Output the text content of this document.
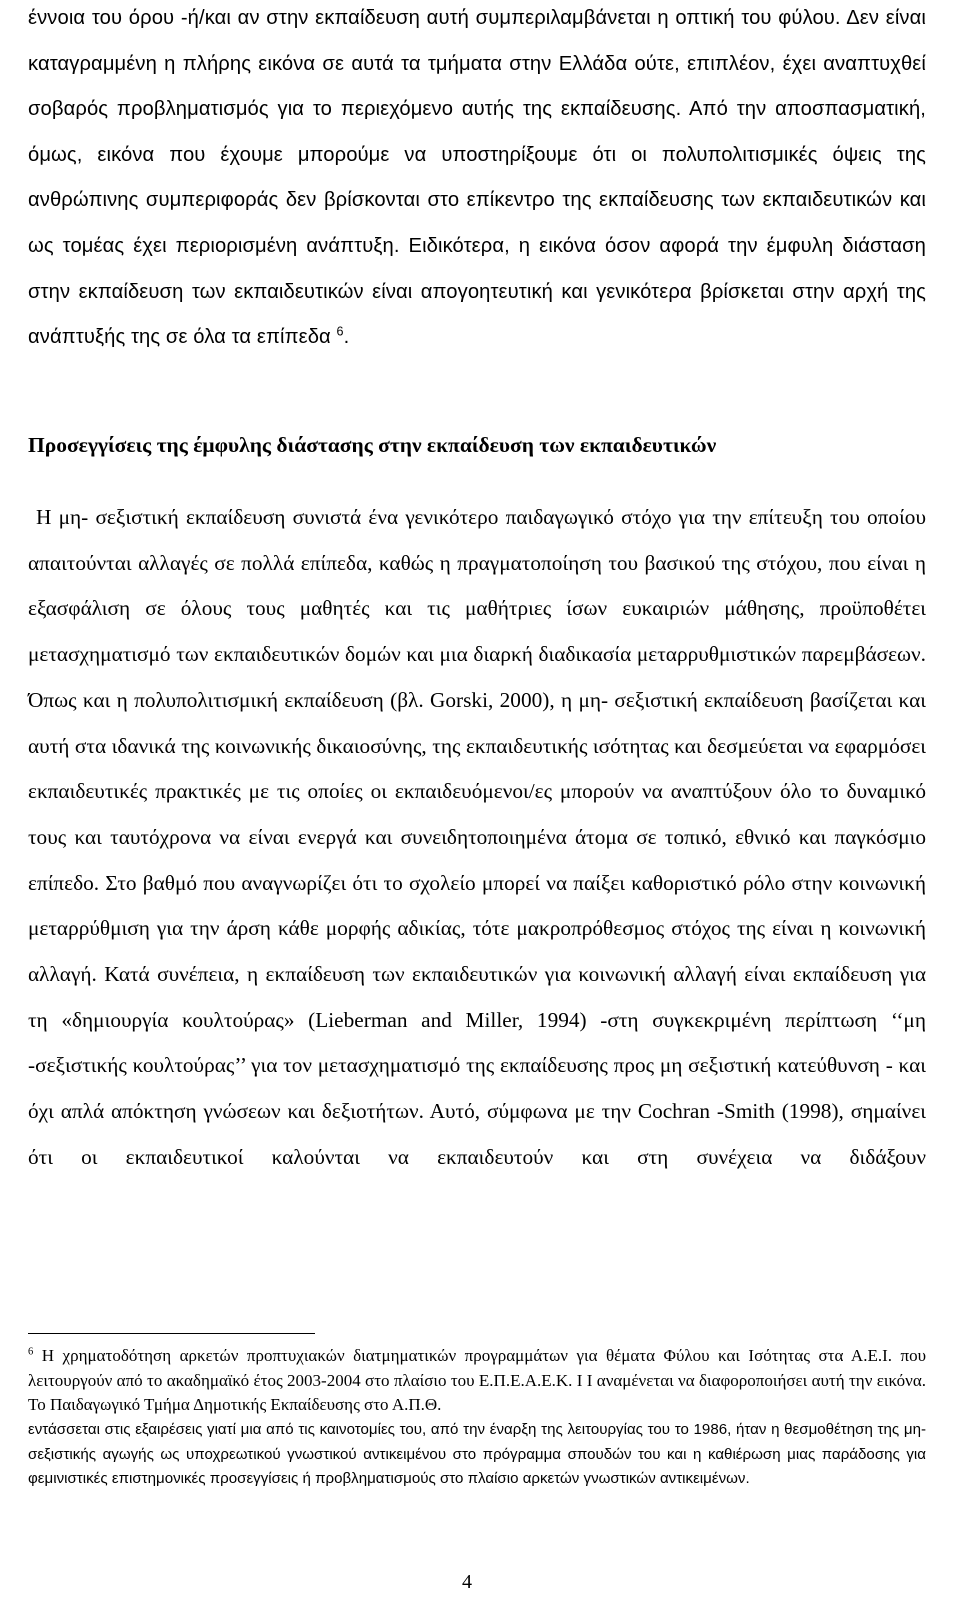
έννοια του όρου -ή/και αν στην εκπαίδευση αυτή συμπεριλαμβάνεται η οπτική του φύλου. Δεν είναι καταγραμμένη η πλήρης εικόνα σε αυτά τα τμήματα στην Ελλάδα ούτε, επιπλέον, έχει αναπτυχθεί σοβαρός προβληματισμός για το περιεχόμενο αυτής της εκπαίδευσης. Από την αποσπασματική, όμως, εικόνα που έχουμε μπορούμε να υποστηρίξουμε ότι οι πολυπολιτισμικές όψεις της ανθρώπινης συμπεριφοράς δεν βρίσκονται στο επίκεντρο της εκπαίδευσης των εκπαιδευτικών και ως τομέας έχει περιορισμένη ανάπτυξη. Ειδικότερα, η εικόνα όσον αφορά την έμφυλη διάσταση στην εκπαίδευση των εκπαιδευτικών είναι απογοητευτική και γενικότερα βρίσκεται στην αρχή της ανάπτυξής της σε όλα τα επίπεδα $^6$.

Προσεγγίσεις της έμφυλης διάστασης στην εκπαίδευση των εκπαιδευτικών

Η μη- σεξιστική εκπαίδευση συνιστά ένα γενικότερο παιδαγωγικό στόχο για την επίτευξη του οποίου απαιτούνται αλλαγές σε πολλά επίπεδα, καθώς η πραγματοποίηση του βασικού της στόχου, που είναι η εξασφάλιση σε όλους τους μαθητές και τις μαθήτριες ίσων ευκαιριών μάθησης, προϋποθέτει μετασχηματισμό των εκπαιδευτικών δομών και μια διαρκή διαδικασία μεταρρυθμιστικών παρεμβάσεων. Όπως και η πολυπολιτισμική εκπαίδευση (βλ. Gorski, 2000), η μη- σεξιστική εκπαίδευση βασίζεται και αυτή στα ιδανικά της κοινωνικής δικαιοσύνης, της εκπαιδευτικής ισότητας και δεσμεύεται να εφαρμόσει εκπαιδευτικές πρακτικές με τις οποίες οι εκπαιδευόμενοι/ες μπορούν να αναπτύξουν όλο το δυναμικό τους και ταυτόχρονα να είναι ενεργά και συνειδητοποιημένα άτομα σε τοπικό, εθνικό και παγκόσμιο επίπεδο. Στο βαθμό που αναγνωρίζει ότι το σχολείο μπορεί να παίξει καθοριστικό ρόλο στην κοινωνική μεταρρύθμιση για την άρση κάθε μορφής αδικίας, τότε μακροπρόθεσμος στόχος της είναι η κοινωνική αλλαγή. Κατά συνέπεια, η εκπαίδευση των εκπαιδευτικών για κοινωνική αλλαγή είναι εκπαίδευση για τη «δημιουργία κουλτούρας» (Lieberman and Miller, 1994) -στη συγκεκριμένη περίπτωση ‘‘μη -σεξιστικής κουλτούρας’’ για τον μετασχηματισμό της εκπαίδευσης προς μη σεξιστική κατεύθυνση - και όχι απλά απόκτηση γνώσεων και δεξιοτήτων. Αυτό, σύμφωνα με την Cochran -Smith (1998), σημαίνει ότι οι εκπαιδευτικοί καλούνται να εκπαιδευτούν και στη συνέχεια να διδάξουν

$^6$ Η χρηματοδότηση αρκετών προπτυχιακών διατμηματικών προγραμμάτων για θέματα Φύλου και Ισότητας στα Α.Ε.Ι. που λειτουργούν από το ακαδημαϊκό έτος 2003-2004 στο πλαίσιο του Ε.Π.Ε.Α.Ε.Κ. Ι Ι αναμένεται να διαφοροποιήσει αυτή την εικόνα. Το Παιδαγωγικό Τμήμα Δημοτικής Εκπαίδευσης στο Α.Π.Θ.

εντάσσεται στις εξαιρέσεις γιατί μια από τις καινοτομίες του, από την έναρξη της λειτουργίας του το 1986, ήταν η θεσμοθέτηση της μη-σεξιστικής αγωγής ως υποχρεωτικού γνωστικού αντικειμένου στο πρόγραμμα σπουδών του και η καθιέρωση μιας παράδοσης για φεμινιστικές επιστημονικές προσεγγίσεις ή προβληματισμούς στο πλαίσιο αρκετών γνωστικών αντικειμένων.

4
